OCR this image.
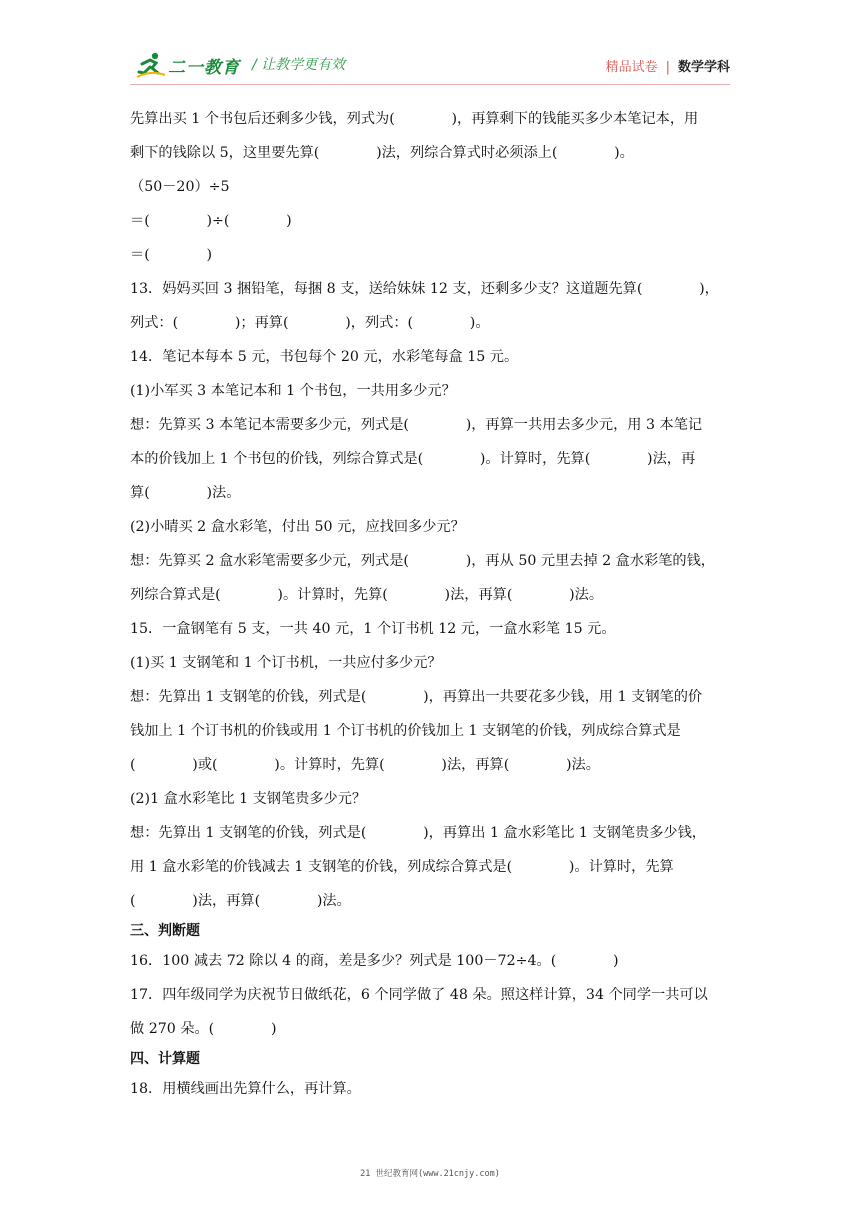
二一教育 / 让教学更有效	精品试卷 | 数学学科
先算出买 1 个书包后还剩多少钱，列式为(　　　　)，再算剩下的钱能买多少本笔记本，用
剩下的钱除以 5，这里要先算(　　　　)法，列综合算式时必须添上(　　　　)。
（50－20）÷5
＝(　　　　)÷(　　　　)
＝(　　　　)
13．妈妈买回 3 捆铅笔，每捆 8 支，送给妹妹 12 支，还剩多少支？这道题先算(　　　　)，
列式：(　　　　)；再算(　　　　)，列式：(　　　　)。
14．笔记本每本 5 元，书包每个 20 元，水彩笔每盒 15 元。
(1)小军买 3 本笔记本和 1 个书包，一共用多少元？
想：先算买 3 本笔记本需要多少元，列式是(　　　　)，再算一共用去多少元，用 3 本笔记
本的价钱加上 1 个书包的价钱，列综合算式是(　　　　)。计算时，先算(　　　　)法，再
算(　　　　)法。
(2)小晴买 2 盒水彩笔，付出 50 元，应找回多少元？
想：先算买 2 盒水彩笔需要多少元，列式是(　　　　)，再从 50 元里去掉 2 盒水彩笔的钱，
列综合算式是(　　　　)。计算时，先算(　　　　)法，再算(　　　　)法。
15．一盒钢笔有 5 支，一共 40 元，1 个订书机 12 元，一盒水彩笔 15 元。
(1)买 1 支钢笔和 1 个订书机，一共应付多少元？
想：先算出 1 支钢笔的价钱，列式是(　　　　)，再算出一共要花多少钱，用 1 支钢笔的价
钱加上 1 个订书机的价钱或用 1 个订书机的价钱加上 1 支钢笔的价钱，列成综合算式是
(　　　　)或(　　　　)。计算时，先算(　　　　)法，再算(　　　　)法。
(2)1 盒水彩笔比 1 支钢笔贵多少元？
想：先算出 1 支钢笔的价钱，列式是(　　　　)，再算出 1 盒水彩笔比 1 支钢笔贵多少钱，
用 1 盒水彩笔的价钱减去 1 支钢笔的价钱，列成综合算式是(　　　　)。计算时，先算
(　　　　)法，再算(　　　　)法。
三、判断题
16．100 减去 72 除以 4 的商，差是多少？列式是 100－72÷4。(　　　　)
17．四年级同学为庆祝节日做纸花，6 个同学做了 48 朵。照这样计算，34 个同学一共可以
做 270 朵。(　　　　)
四、计算题
18．用横线画出先算什么，再计算。
21 世纪教育网(www.21cnjy.com)
